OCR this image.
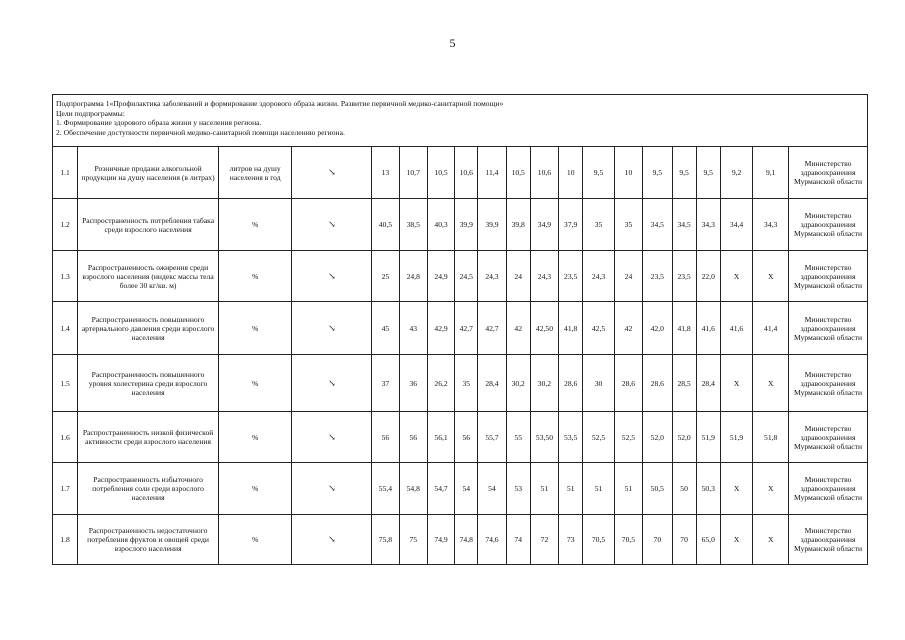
5
Подпрограмма 1«Профилактика заболеваний и формирование здорового образа жизни. Развитие первичной медико-санитарной помощи»
Цели подпрограммы:
1. Формирование здорового образа жизни у населения региона.
2. Обеспечение доступности первичной медико-санитарной помощи населению региона.
1.1	Розничные продажи алкогольной продукции на душу населения (в литрах)	литров на душу населения в год	↘	13	10,7	10,5	10,6	11,4	10,5	10,6	10	9,5	10	9,5	9,5	9,5	9,2	9,1	Министерство здравоохранения Мурманской области
1.2	Распространенность потребления табака среди взрослого населения	%	↘	40,5	38,5	40,3	39,9	39,9	39,8	34,9	37,9	35	35	34,5	34,5	34,3	34,4	34,3	Министерство здравоохранения Мурманской области
1.3	Распространенность ожирения среди взрослого населения (индекс массы тела более 30 кг/кв. м)	%	↘	25	24,8	24,9	24,5	24,3	24	24,3	23,5	24,3	24	23,5	23,5	22,0	Х	Х	Министерство здравоохранения Мурманской области
1.4	Распространенность повышенного артериального давления среди взрослого населения	%	↘	45	43	42,9	42,7	42,7	42	42,50	41,8	42,5	42	42,0	41,8	41,6	41,6	41,4	Министерство здравоохранения Мурманской области
1.5	Распространенность повышенного уровня холестерина среди взрослого населения	%	↘	37	36	26,2	35	28,4	30,2	30,2	28,6	30	28,6	28,6	28,5	28,4	Х	Х	Министерство здравоохранения Мурманской области
1.6	Распространенность низкой физической активности среди взрослого населения	%	↘	56	56	56,1	56	55,7	55	53,50	53,5	52,5	52,5	52,0	52,0	51,9	51,9	51,8	Министерство здравоохранения Мурманской области
1.7	Распространенность избыточного потребления соли среди взрослого населения	%	↘	55,4	54,8	54,7	54	54	53	51	51	51	51	50,5	50	50,3	Х	Х	Министерство здравоохранения Мурманской области
1.8	Распространенность недостаточного потребления фруктов и овощей среди взрослого населения	%	↘	75,8	75	74,9	74,8	74,6	74	72	73	70,5	70,5	70	70	65,0	Х	Х	Министерство здравоохранения Мурманской области
